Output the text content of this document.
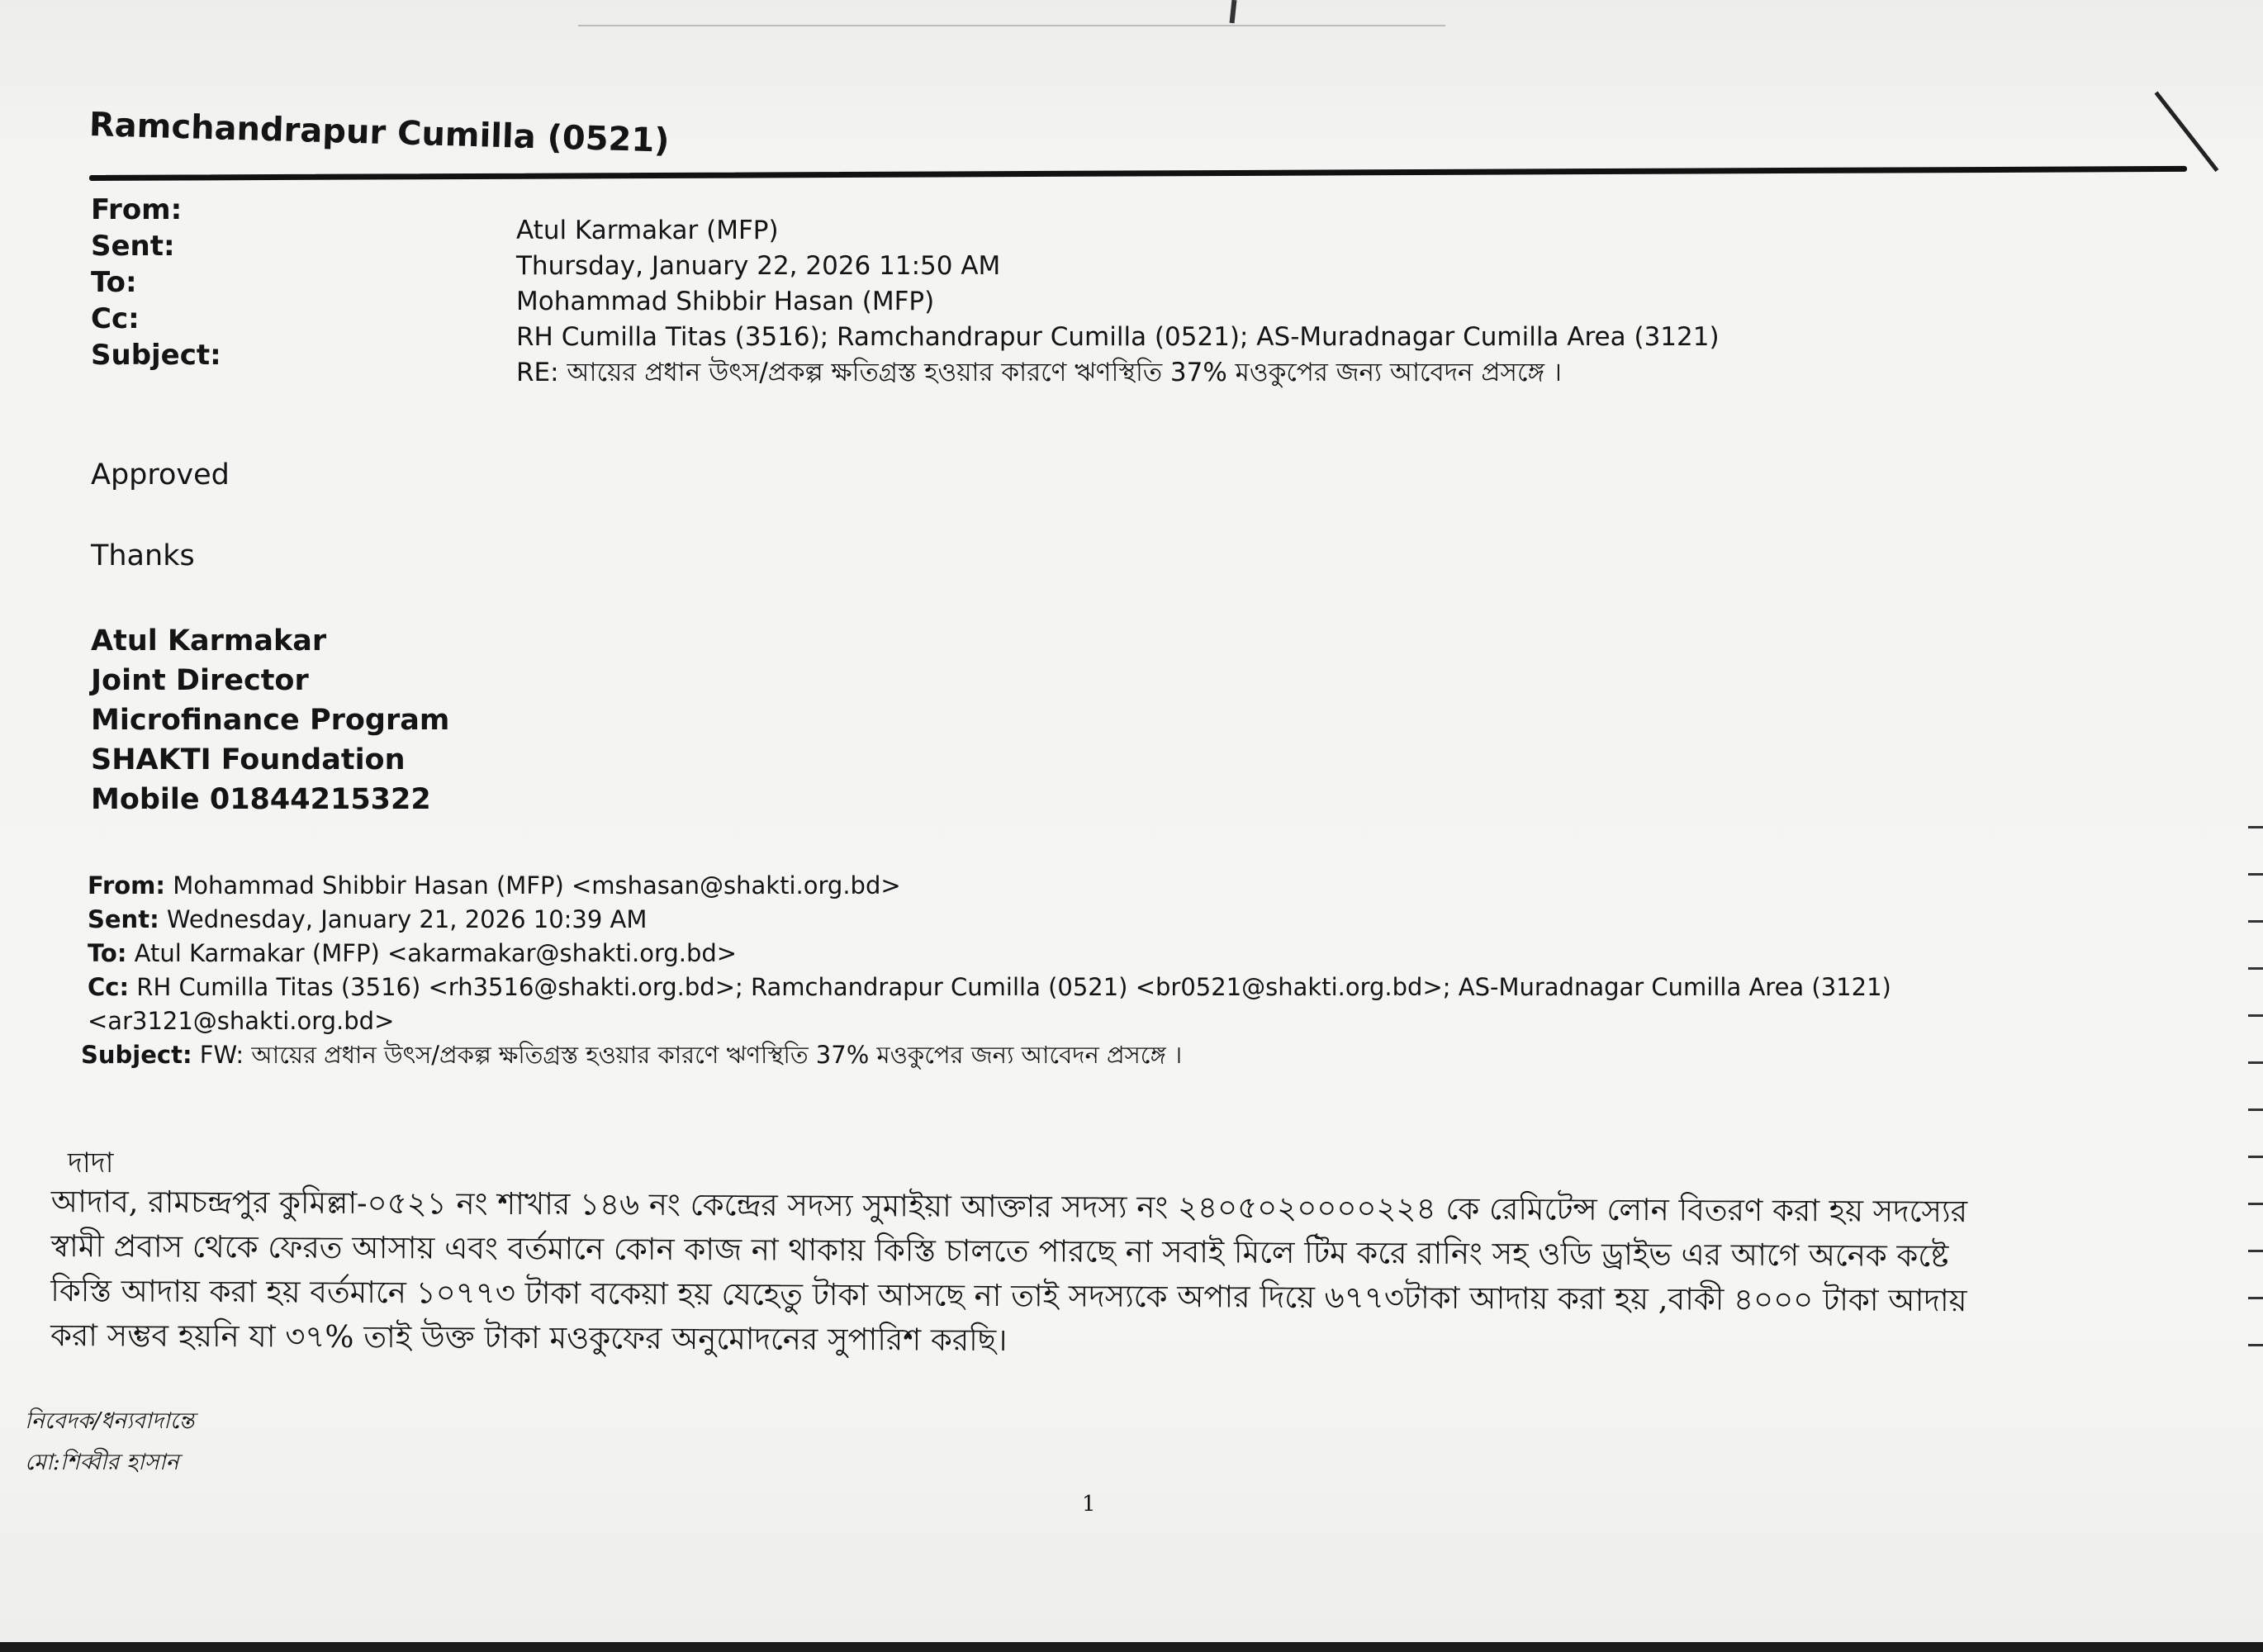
Ramchandrapur Cumilla (0521)
From:
Sent:
To:
Cc:
Subject:
Atul Karmakar (MFP)
Thursday, January 22, 2026 11:50 AM
Mohammad Shibbir Hasan (MFP)
RH Cumilla Titas (3516); Ramchandrapur Cumilla (0521); AS-Muradnagar Cumilla Area (3121)
RE: আয়ের প্রধান উৎস/প্রকল্প ক্ষতিগ্রস্ত হওয়ার কারণে ঋণস্থিতি 37% মওকুপের জন্য আবেদন প্রসঙ্গে ।
Approved
Thanks
Atul Karmakar
Joint Director
Microfinance Program
SHAKTI Foundation
Mobile 01844215322
From: Mohammad Shibbir Hasan (MFP) <mshasan@shakti.org.bd>
Sent: Wednesday, January 21, 2026 10:39 AM
To: Atul Karmakar (MFP) <akarmakar@shakti.org.bd>
Cc: RH Cumilla Titas (3516) <rh3516@shakti.org.bd>; Ramchandrapur Cumilla (0521) <br0521@shakti.org.bd>; AS-Muradnagar Cumilla Area (3121)
<ar3121@shakti.org.bd>
Subject: FW: আয়ের প্রধান উৎস/প্রকল্প ক্ষতিগ্রস্ত হওয়ার কারণে ঋণস্থিতি 37% মওকুপের জন্য আবেদন প্রসঙ্গে ।
দাদা
আদাব, রামচন্দ্রপুর কুমিল্লা-০৫২১ নং শাখার ১৪৬ নং কেন্দ্রের সদস্য সুমাইয়া আক্তার সদস্য নং ২৪০৫০২০০০০২২৪ কে রেমিটেন্স লোন বিতরণ করা হয় সদস্যের
স্বামী প্রবাস থেকে ফেরত আসায় এবং বর্তমানে কোন কাজ না থাকায় কিস্তি চালতে পারছে না সবাই মিলে টিম করে রানিং সহ ওডি ড্রাইভ এর আগে অনেক কষ্টে
কিস্তি আদায় করা হয় বর্তমানে ১০৭৭৩ টাকা বকেয়া হয় যেহেতু টাকা আসছে না তাই সদস্যকে অপার দিয়ে ৬৭৭৩টাকা আদায় করা হয় ,বাকী ৪০০০ টাকা আদায়
করা সম্ভব হয়নি যা ৩৭% তাই উক্ত টাকা মওকুফের অনুমোদনের সুপারিশ করছি।
নিবেদক/ধন্যবাদান্তে
মো:শিব্বীর হাসান
1
